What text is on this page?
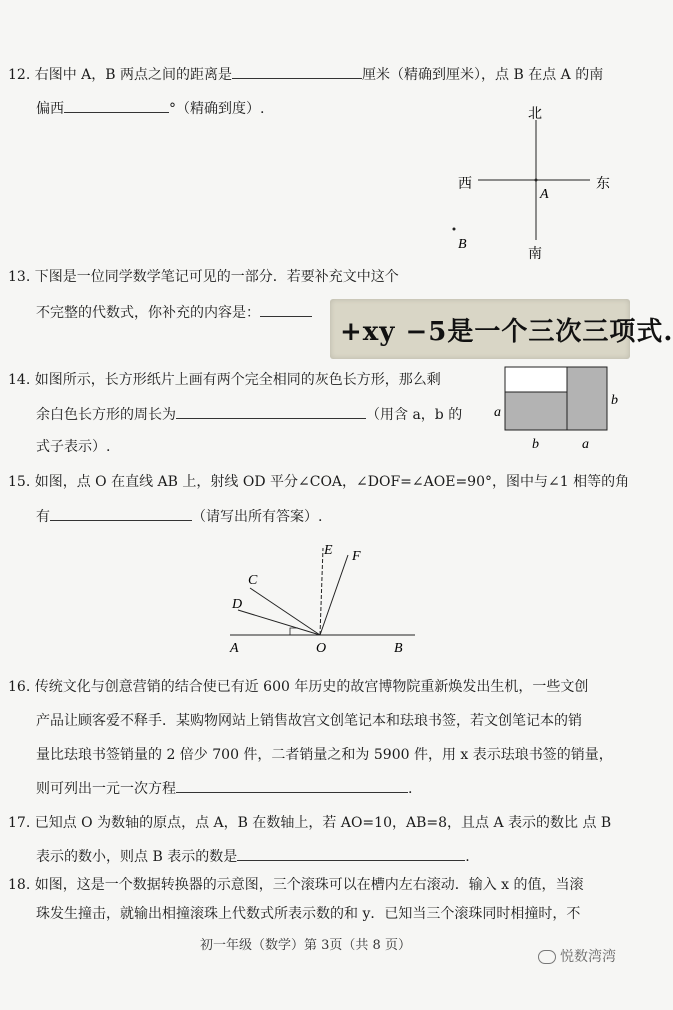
12. 右图中 A，B 两点之间的距离是	厘米（精确到厘米），点 B 在点 A 的南
偏西	°（精确到度）.	北
南
西	东
A
B
13. 下图是一位同学数学笔记可见的一部分．若要补充文中这个
不完整的代数式，你补充的内容是：
+xy −5是一个三次三项式.
14. 如图所示，长方形纸片上画有两个完全相同的灰色长方形，那么剩
余白色长方形的周长为	（用含 a，b 的
式子表示）.
a
b
b	a
15. 如图，点 O 在直线 AB 上，射线 OD 平分∠COA，∠DOF=∠AOE=90°，图中与∠1 相等的角
有	（请写出所有答案）.
A	O	B
C
D
E F
16. 传统文化与创意营销的结合使已有近 600 年历史的故宫博物院重新焕发出生机，一些文创
产品让顾客爱不释手．某购物网站上销售故宫文创笔记本和珐琅书签，若文创笔记本的销
量比珐琅书签销量的 2 倍少 700 件，二者销量之和为 5900 件，用 x 表示珐琅书签的销量，
则可列出一元一次方程	.
17. 已知点 O 为数轴的原点，点 A，B 在数轴上，若 AO=10，AB=8，且点 A 表示的数比 点 B
表示的数小，则点 B 表示的数是	.
18. 如图，这是一个数据转换器的示意图，三个滚珠可以在槽内左右滚动．输入 x 的值，当滚
珠发生撞击，就输出相撞滚珠上代数式所表示数的和 y．已知当三个滚珠同时相撞时，不
初一年级（数学）第 3页（共 8 页）
悦数湾湾
